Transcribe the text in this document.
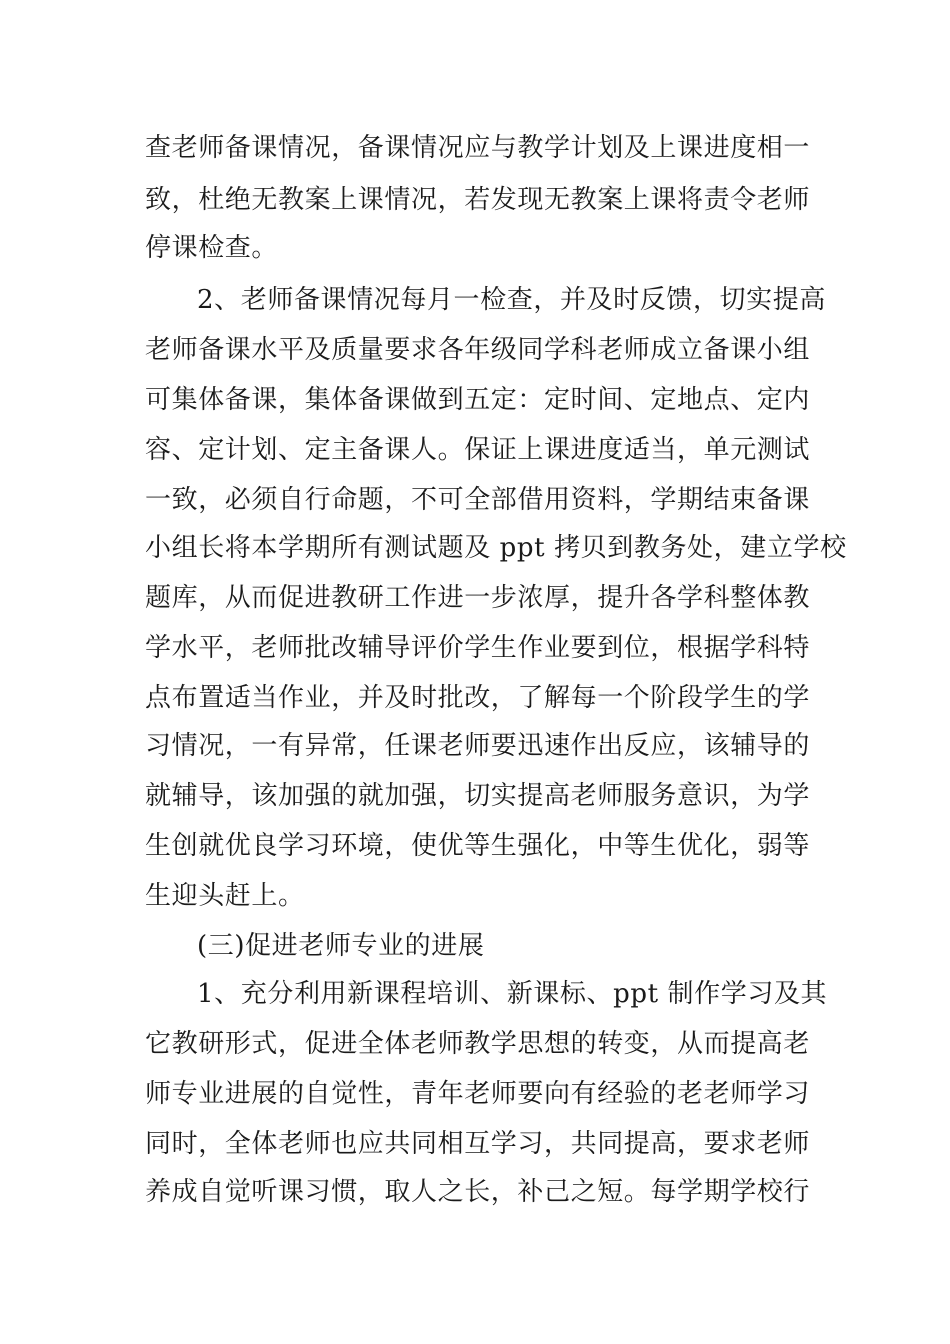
查老师备课情况，备课情况应与教学计划及上课进度相一
致，杜绝无教案上课情况，若发现无教案上课将责令老师
停课检查。
2、老师备课情况每月一检查，并及时反馈，切实提高
老师备课水平及质量要求各年级同学科老师成立备课小组
可集体备课，集体备课做到五定：定时间、定地点、定内
容、定计划、定主备课人。保证上课进度适当，单元测试
一致，必须自行命题，不可全部借用资料，学期结束备课
小组长将本学期所有测试题及 ppt 拷贝到教务处，建立学校
题库，从而促进教研工作进一步浓厚，提升各学科整体教
学水平，老师批改辅导评价学生作业要到位，根据学科特
点布置适当作业，并及时批改，了解每一个阶段学生的学
习情况，一有异常，任课老师要迅速作出反应，该辅导的
就辅导，该加强的就加强，切实提高老师服务意识，为学
生创就优良学习环境，使优等生强化，中等生优化，弱等
生迎头赶上。
(三)促进老师专业的进展
1、充分利用新课程培训、新课标、ppt 制作学习及其
它教研形式，促进全体老师教学思想的转变，从而提高老
师专业进展的自觉性，青年老师要向有经验的老老师学习
同时，全体老师也应共同相互学习，共同提高，要求老师
养成自觉听课习惯，取人之长，补己之短。每学期学校行
